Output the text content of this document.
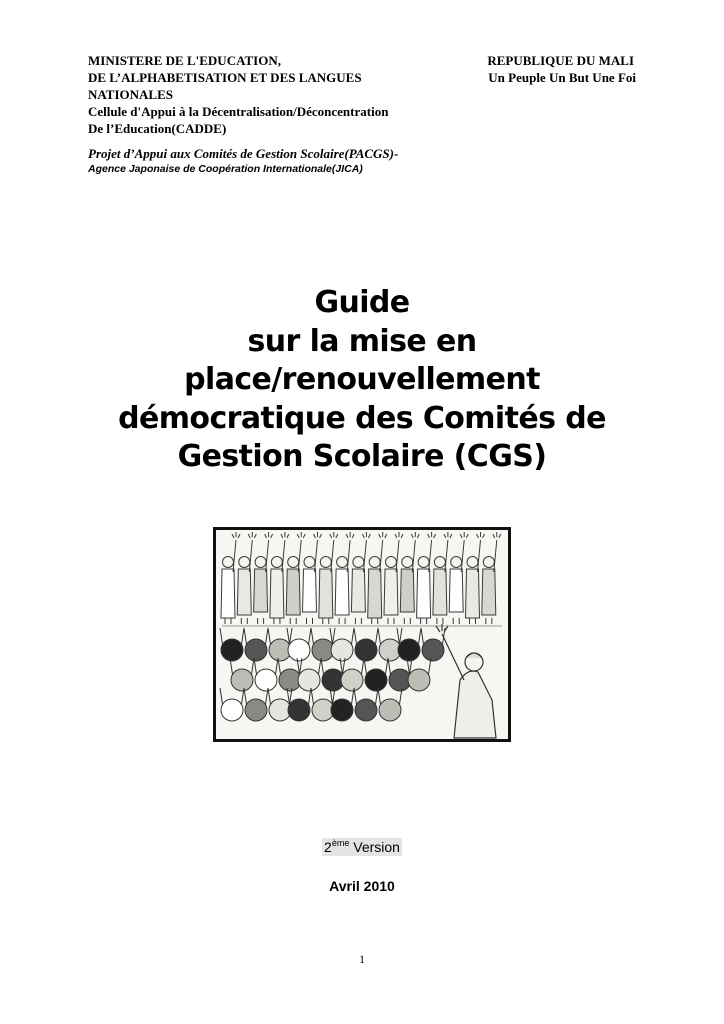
MINISTERE DE L'EDUCATION,
DE L’ALPHABETISATION ET DES LANGUES
NATIONALES
Cellule d'Appui à la Décentralisation/Déconcentration
De l’Education(CADDE)
Projet d’Appui aux Comités de Gestion Scolaire(PACGS)-
Agence Japonaise de Coopération Internationale(JICA)
REPUBLIQUE DU MALI
Un Peuple Un But Une Foi
Guide
sur la mise en
place/renouvellement
démocratique des Comités de
Gestion Scolaire (CGS)
2ème Version
Avril 2010
1
